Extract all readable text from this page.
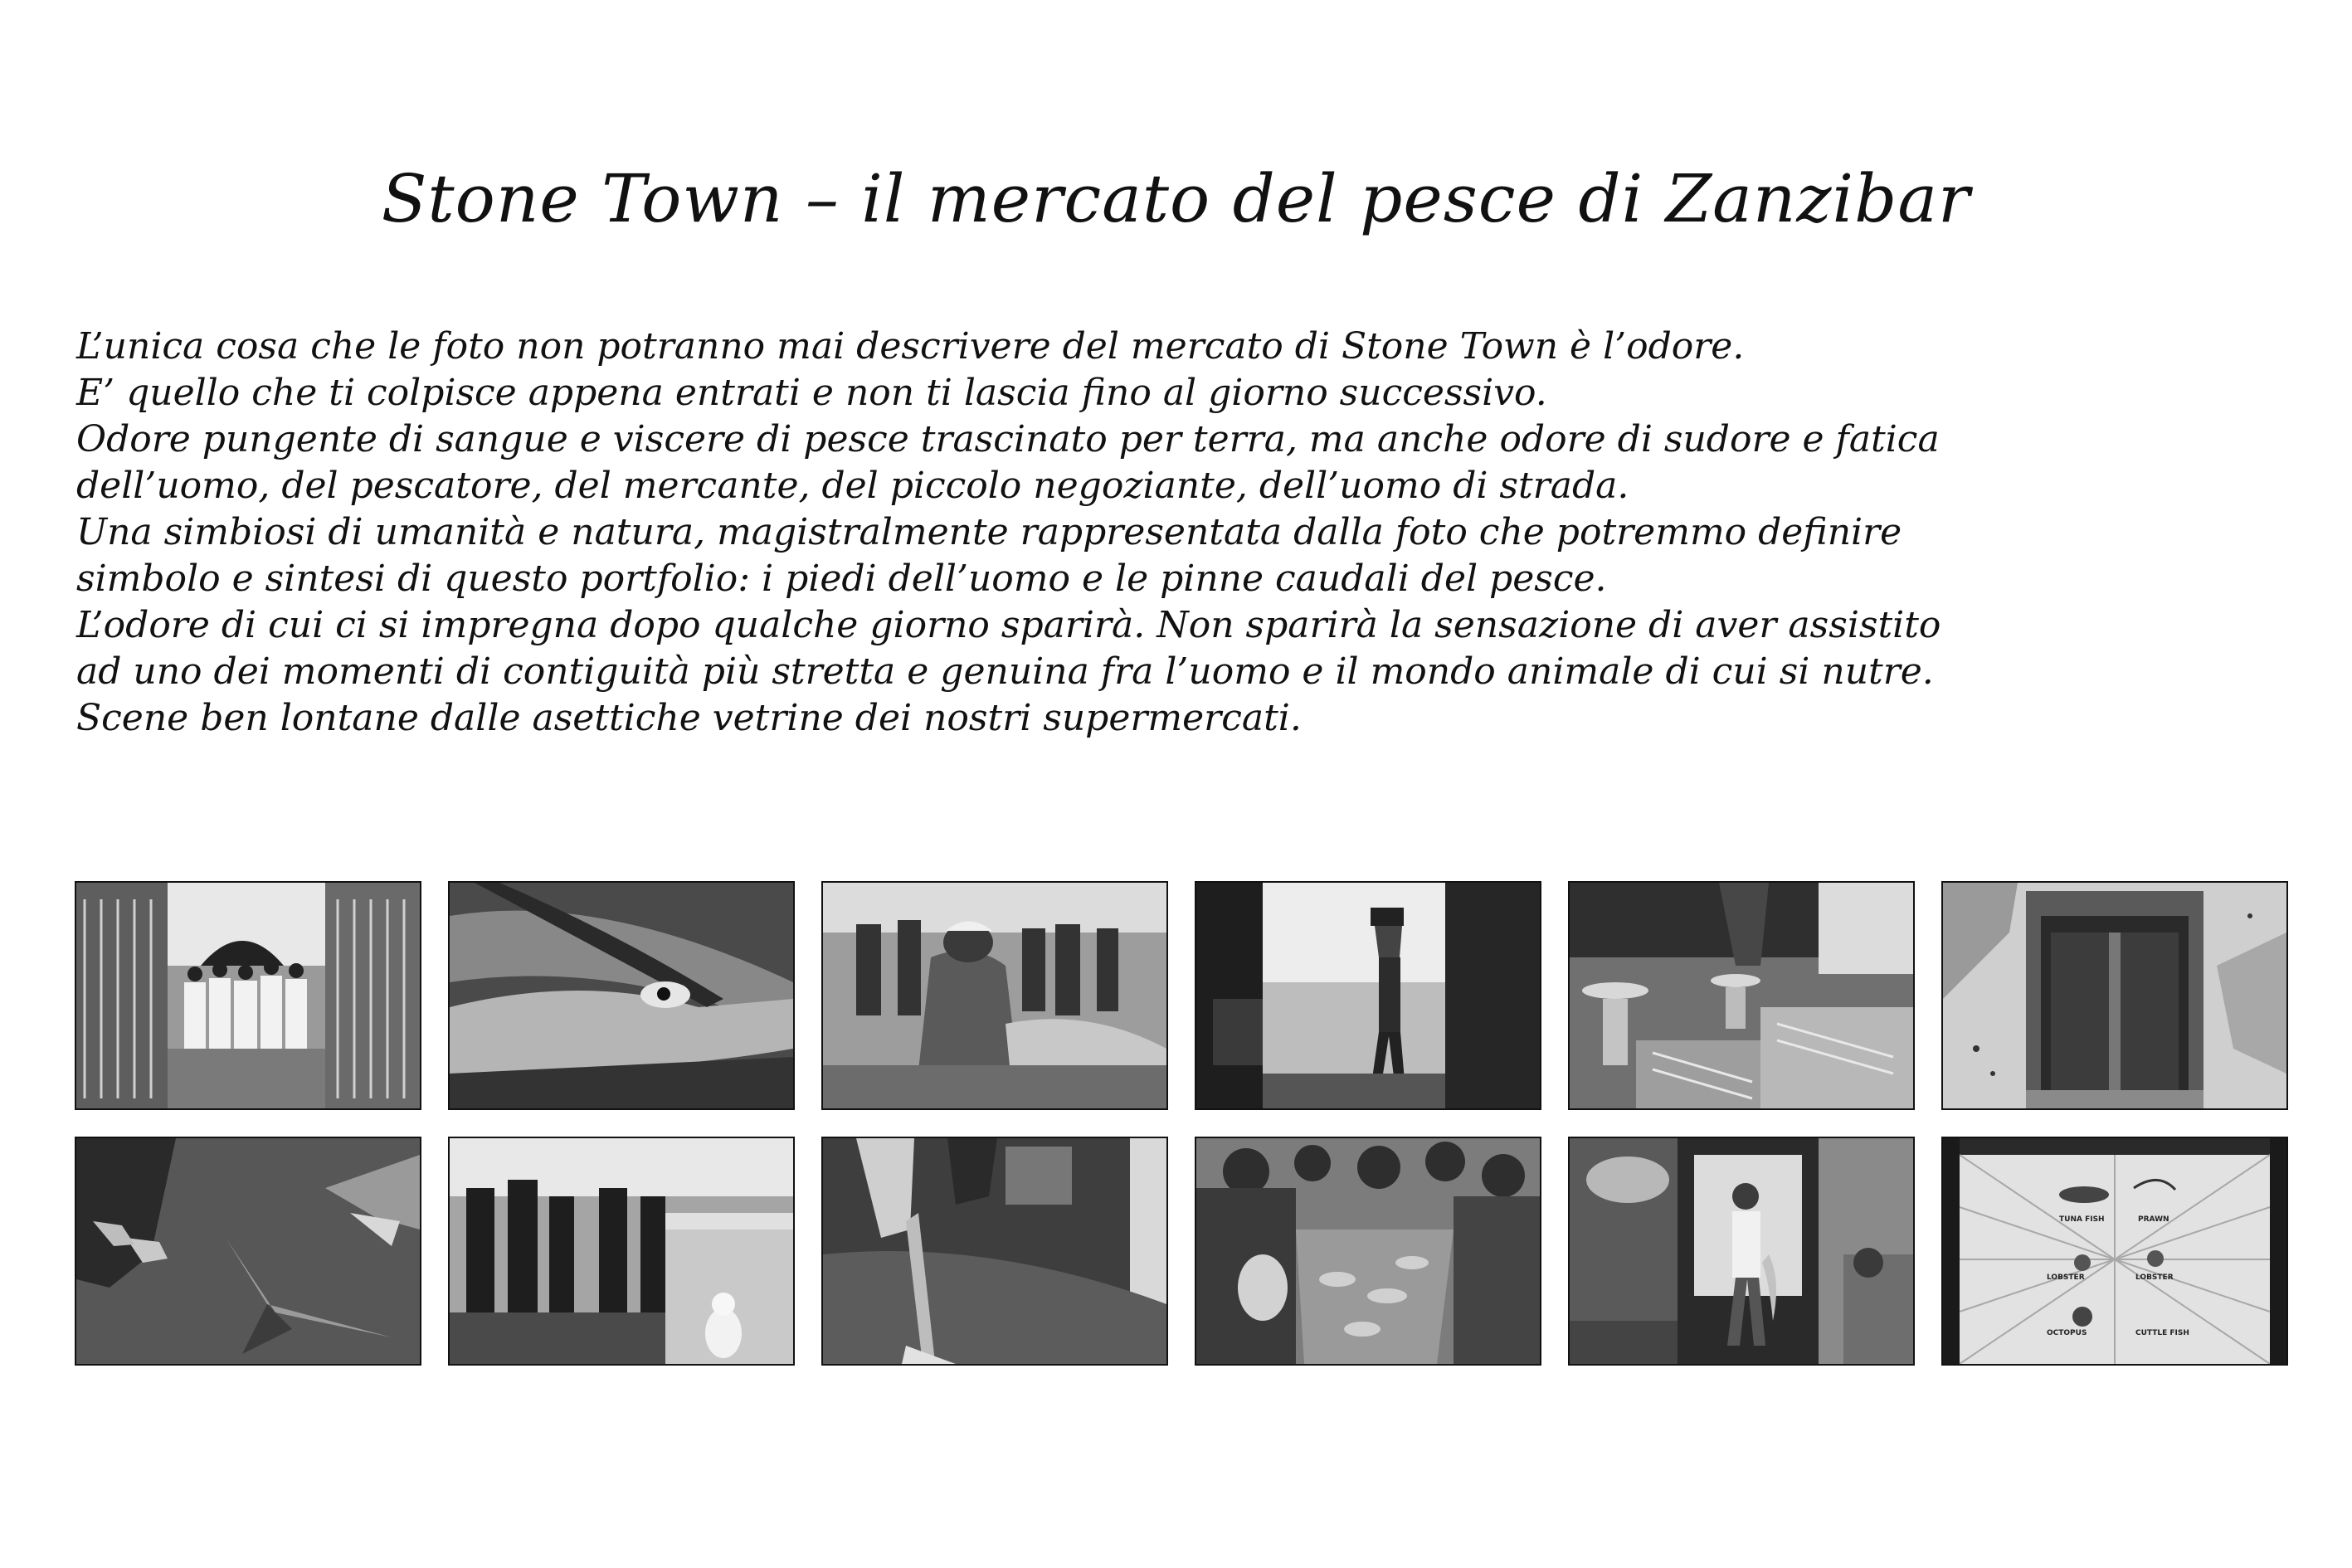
Stone Town – il mercato del pesce di Zanzibar
L’unica cosa che le foto non potranno mai descrivere del mercato di Stone Town è l’odore.
E’ quello che ti colpisce appena entrati e non ti lascia fino al giorno successivo.
Odore pungente di sangue e viscere di pesce trascinato per terra, ma anche odore di sudore e fatica
dell’uomo, del pescatore, del mercante, del piccolo negoziante, dell’uomo di strada.
Una simbiosi di umanità e natura, magistralmente rappresentata dalla foto che potremmo definire
simbolo e sintesi di questo portfolio: i piedi dell’uomo e le pinne caudali del pesce.
L’odore di cui ci si impregna dopo qualche giorno sparirà. Non sparirà la sensazione di aver assistito
ad uno dei momenti di contiguità più stretta e genuina fra l’uomo e il mondo animale di cui si nutre.
Scene ben lontane dalle asettiche vetrine dei nostri supermercati.
TUNA FISH	PRAWN
LOBSTER	LOBSTER
OCTOPUS	CUTTLE FISH
